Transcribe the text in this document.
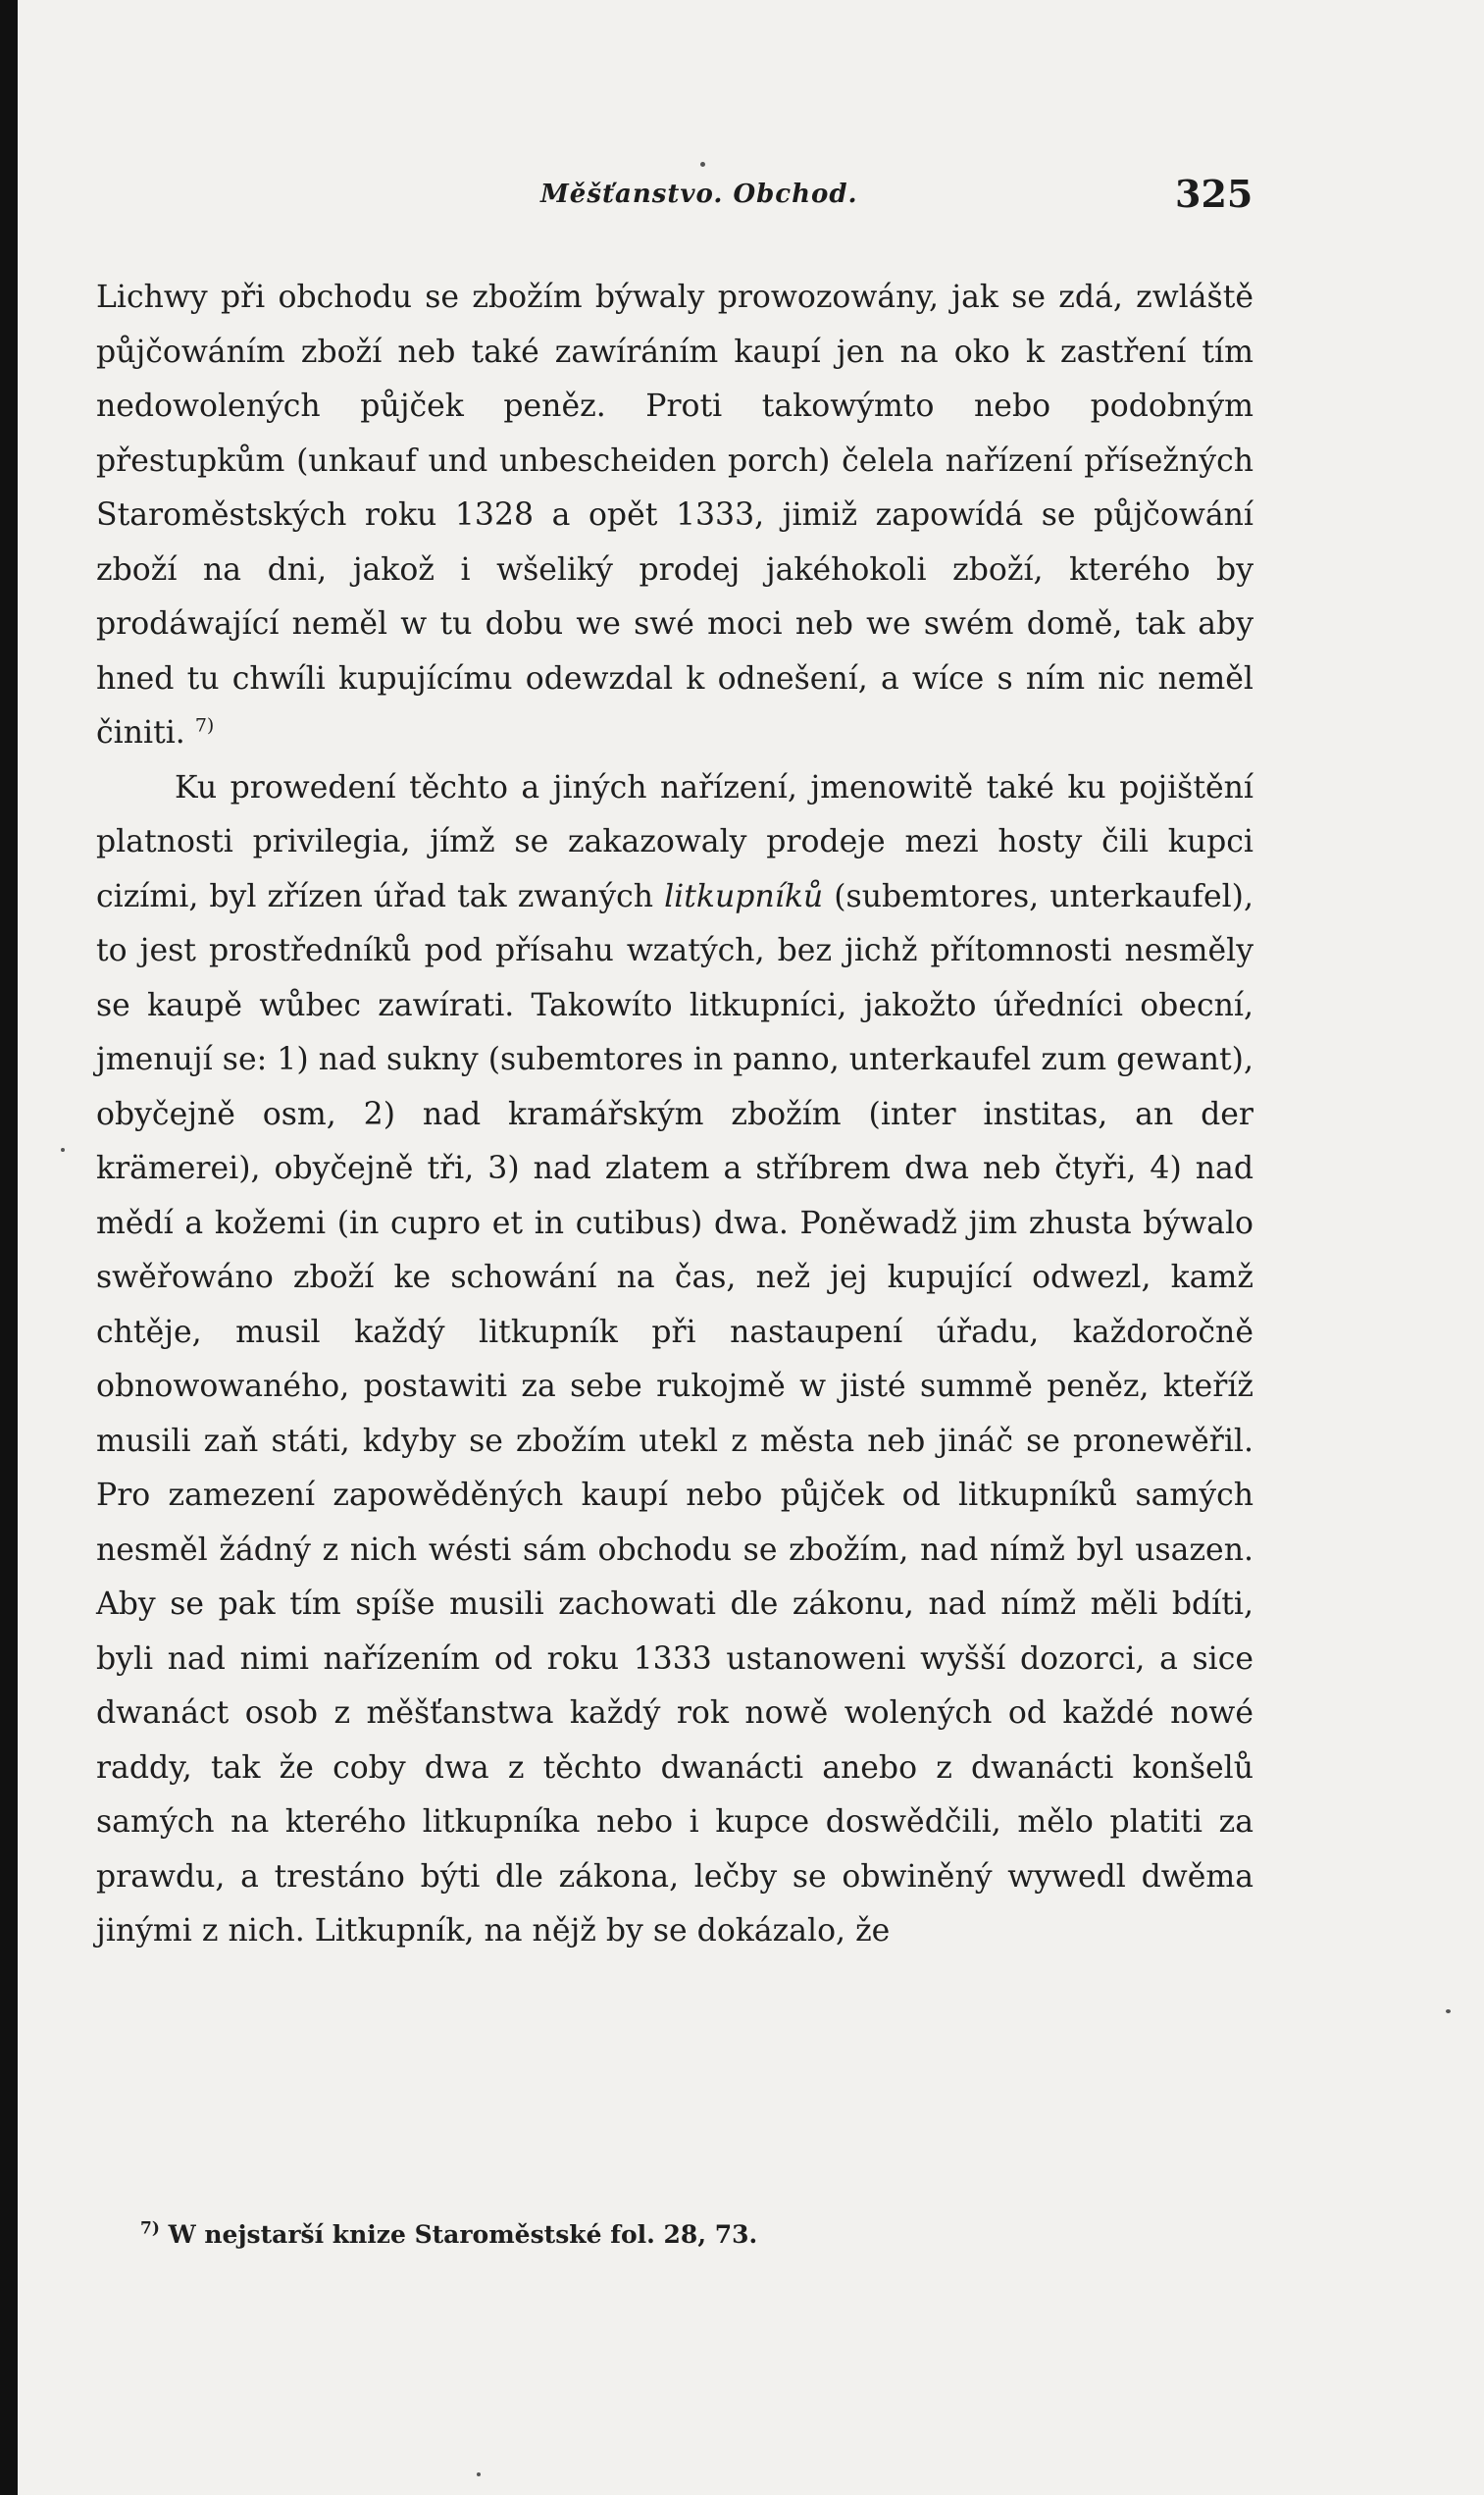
Měšťanstvo. Obchod.	325

Lichwy při obchodu se zbožím býwaly prowozowány, jak se zdá, zwláště půjčowáním zboží neb také zawíráním kaupí jen na oko k zastření tím nedowolených půjček peněz. Proti takowýmto nebo podobným přestupkům (unkauf und unbescheiden porch) čelela nařízení přísežných Staroměstských roku 1328 a opět 1333, jimiž zapowídá se půjčowání zboží na dni, jakož i wšeliký prodej jakéhokoli zboží, kterého by prodáwající neměl w tu dobu we swé moci neb we swém domě, tak aby hned tu chwíli kupujícímu odewzdal k odnešení, a wíce s ním nic neměl činiti. $^{7)}$

Ku prowedení těchto a jiných nařízení, jmenowitě také ku pojištění platnosti privilegia, jímž se zakazowaly prodeje mezi hosty čili kupci cizími, byl zřízen úřad tak zwaných litkupníků (subemtores, unterkaufel), to jest prostředníků pod přísahu wzatých, bez jichž přítomnosti nesměly se kaupě wůbec zawírati. Takowíto litkupníci, jakožto úředníci obecní, jmenují se: 1) nad sukny (subemtores in panno, unterkaufel zum gewant), obyčejně osm, 2) nad kramářským zbožím (inter institas, an der krämerei), obyčejně tři, 3) nad zlatem a stříbrem dwa neb čtyři, 4) nad mědí a kožemi (in cupro et in cutibus) dwa. Poněwadž jim zhusta býwalo swěřowáno zboží ke schowání na čas, než jej kupující odwezl, kamž chtěje, musil každý litkupník při nastaupení úřadu, každoročně obnowowaného, postawiti za sebe rukojmě w jisté summě peněz, kteříž musili zaň státi, kdyby se zbožím utekl z města neb jináč se pronewěřil. Pro zamezení zapowěděných kaupí nebo půjček od litkupníků samých nesměl žádný z nich wésti sám obchodu se zbožím, nad nímž byl usazen. Aby se pak tím spíše musili zachowati dle zákonu, nad nímž měli bdíti, byli nad nimi nařízením od roku 1333 ustanoweni wyšší dozorci, a sice dwanáct osob z měšťanstwa každý rok nowě wolených od každé nowé raddy, tak že coby dwa z těchto dwanácti anebo z dwanácti konšelů samých na kterého litkupníka nebo i kupce doswědčili, mělo platiti za prawdu, a trestáno býti dle zákona, lečby se obwiněný wywedl dwěma jinými z nich. Litkupník, na nějž by se dokázalo, že

$^{7)}$ W nejstarší knize Staroměstské fol. 28, 73.
